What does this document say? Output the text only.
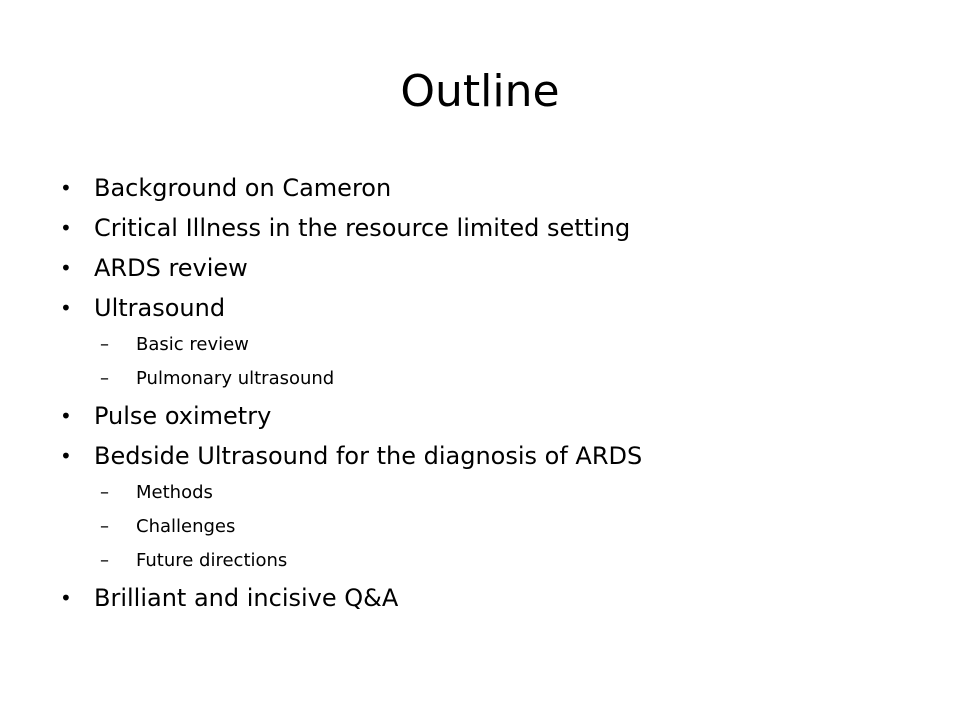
Outline
• Background on Cameron
• Critical Illness in the resource limited setting
• ARDS review
• Ultrasound
–	Basic review
–	Pulmonary ultrasound
• Pulse oximetry
• Bedside Ultrasound for the diagnosis of ARDS
–	Methods
–	Challenges
–	Future directions
• Brilliant and incisive Q&A
